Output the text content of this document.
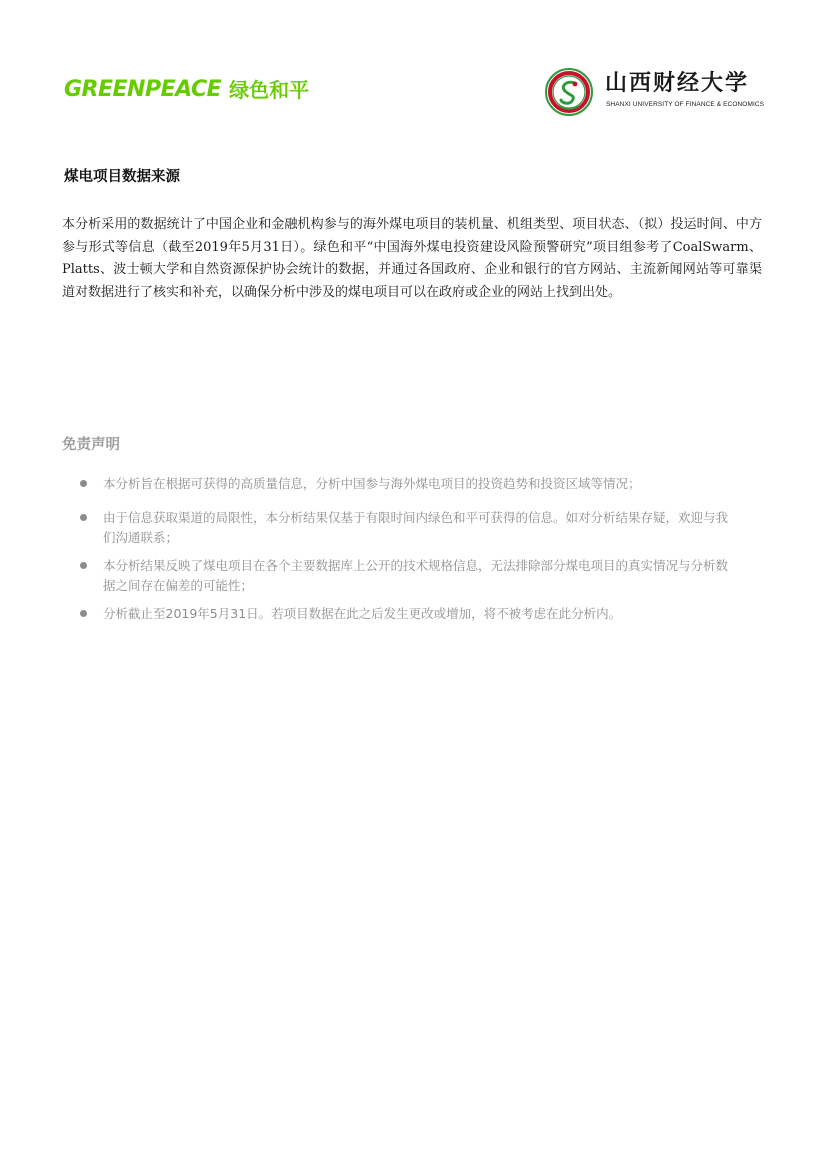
GREENPEACE 绿色和平	山西财经大学
SHANXI UNIVERSITY OF FINANCE & ECONOMICS
煤电项目数据来源

本分析采用的数据统计了中国企业和金融机构参与的海外煤电项目的装机量、机组类型、项目状态、（拟）投运时间、中方参与形式等信息（截至2019年5月31日）。绿色和平“中国海外煤电投资建设风险预警研究”项目组参考了CoalSwarm、Platts、波士顿大学和自然资源保护协会统计的数据，并通过各国政府、企业和银行的官方网站、主流新闻网站等可靠渠道对数据进行了核实和补充，以确保分析中涉及的煤电项目可以在政府或企业的网站上找到出处。

免责声明
本分析旨在根据可获得的高质量信息，分析中国参与海外煤电项目的投资趋势和投资区域等情况；
由于信息获取渠道的局限性，本分析结果仅基于有限时间内绿色和平可获得的信息。如对分析结果存疑，欢迎与我们沟通联系；
本分析结果反映了煤电项目在各个主要数据库上公开的技术规格信息，无法排除部分煤电项目的真实情况与分析数据之间存在偏差的可能性；
分析截止至2019年5月31日。若项目数据在此之后发生更改或增加，将不被考虑在此分析内。
